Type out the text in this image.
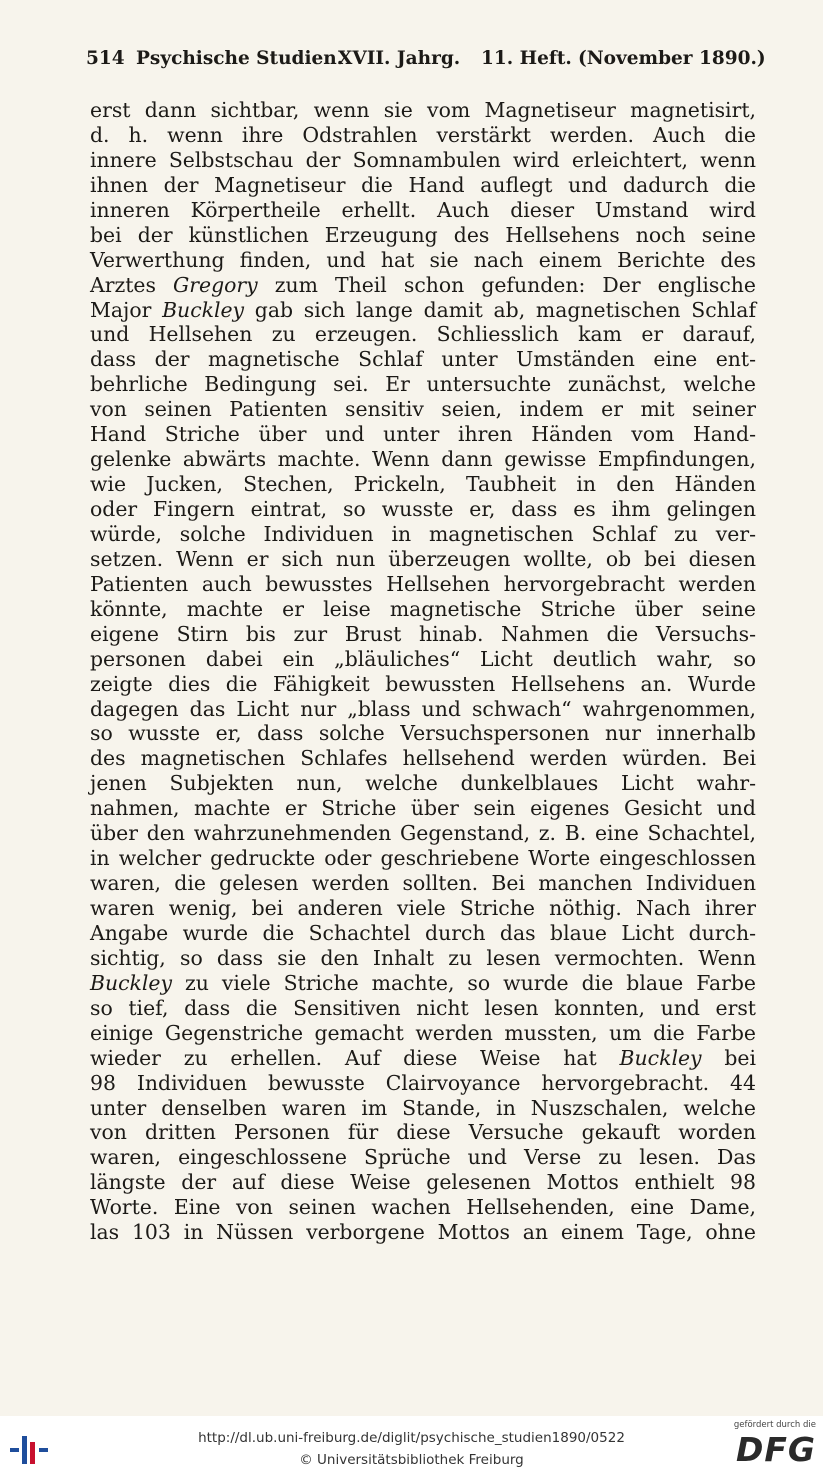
514 Psychische Studien.
XVII. Jahrg. 11. Heft. (November 1890.)
erst dann sichtbar, wenn sie vom Magnetiseur magnetisirt,
d. h. wenn ihre Odstrahlen verstärkt werden. Auch die
innere Selbstschau der Somnambulen wird erleichtert, wenn
ihnen der Magnetiseur die Hand auflegt und dadurch die
inneren Körpertheile erhellt. Auch dieser Umstand wird
bei der künstlichen Erzeugung des Hellsehens noch seine
Verwerthung finden, und hat sie nach einem Berichte des
Arztes Gregory zum Theil schon gefunden: Der englische
Major Buckley gab sich lange damit ab, magnetischen Schlaf
und Hellsehen zu erzeugen. Schliesslich kam er darauf,
dass der magnetische Schlaf unter Umständen eine ent-
behrliche Bedingung sei. Er untersuchte zunächst, welche
von seinen Patienten sensitiv seien, indem er mit seiner
Hand Striche über und unter ihren Händen vom Hand-
gelenke abwärts machte. Wenn dann gewisse Empfindungen,
wie Jucken, Stechen, Prickeln, Taubheit in den Händen
oder Fingern eintrat, so wusste er, dass es ihm gelingen
würde, solche Individuen in magnetischen Schlaf zu ver-
setzen. Wenn er sich nun überzeugen wollte, ob bei diesen
Patienten auch bewusstes Hellsehen hervorgebracht werden
könnte, machte er leise magnetische Striche über seine
eigene Stirn bis zur Brust hinab. Nahmen die Versuchs-
personen dabei ein „bläuliches“ Licht deutlich wahr, so
zeigte dies die Fähigkeit bewussten Hellsehens an. Wurde
dagegen das Licht nur „blass und schwach“ wahrgenommen,
so wusste er, dass solche Versuchspersonen nur innerhalb
des magnetischen Schlafes hellsehend werden würden. Bei
jenen Subjekten nun, welche dunkelblaues Licht wahr-
nahmen, machte er Striche über sein eigenes Gesicht und
über den wahrzunehmenden Gegenstand, z. B. eine Schachtel,
in welcher gedruckte oder geschriebene Worte eingeschlossen
waren, die gelesen werden sollten. Bei manchen Individuen
waren wenig, bei anderen viele Striche nöthig. Nach ihrer
Angabe wurde die Schachtel durch das blaue Licht durch-
sichtig, so dass sie den Inhalt zu lesen vermochten. Wenn
Buckley zu viele Striche machte, so wurde die blaue Farbe
so tief, dass die Sensitiven nicht lesen konnten, und erst
einige Gegenstriche gemacht werden mussten, um die Farbe
wieder zu erhellen. Auf diese Weise hat Buckley bei
98 Individuen bewusste Clairvoyance hervorgebracht. 44
unter denselben waren im Stande, in Nuszschalen, welche
von dritten Personen für diese Versuche gekauft worden
waren, eingeschlossene Sprüche und Verse zu lesen. Das
längste der auf diese Weise gelesenen Mottos enthielt 98
Worte. Eine von seinen wachen Hellsehenden, eine Dame,
las 103 in Nüssen verborgene Mottos an einem Tage, ohne
http://dl.ub.uni-freiburg.de/diglit/psychische_studien1890/0522
© Universitätsbibliothek Freiburg
gefördert durch die
DFG
